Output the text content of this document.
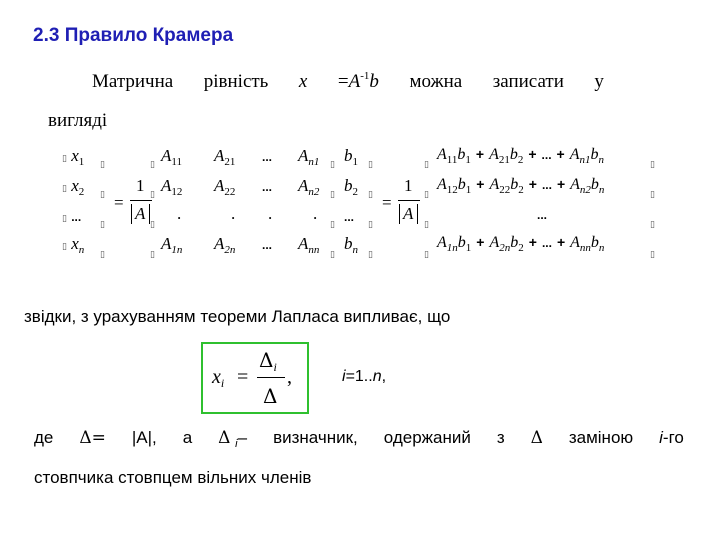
2.3 Правило Крамера
Матрична рівність $x =A^{-1}b$ можна записати у
вигляді
▯ $x_1$
▯ $x_2$
▯ ...
▯ $x_n$
▯
▯
▯
▯
=
1
A
▯
▯
▯
▯
$A_{11}$ $A_{21}$ ... $A_{n1}$
$A_{12}$ $A_{22}$ ... $A_{n2}$
.	. . .
$A_{1n}$ $A_{2n}$ ... $A_{nn}$
▯
▯
▯
▯
$b_1$
$b_2$
...
$b_n$
▯
▯
▯
▯
=
1
A
▯
▯
▯
▯
A 11 b 1 + A 21 b 2 + ... + A n1 b n
A 12 b 1 + A 22 b 2 + ... + A n2 b n
...
A 1n b 1 + A 2n b 2 + ... + A nn b n
▯
▯
▯
▯
звідки, з урахуванням теореми Лапласа випливає, що
$x_i$ =
$\Delta_i$
Δ
,	i=1..n,
де Δ= |A|, а Δ $_i$– визначник, одержаний з Δ заміною i-го
стовпчика стовпцем вільних членів
